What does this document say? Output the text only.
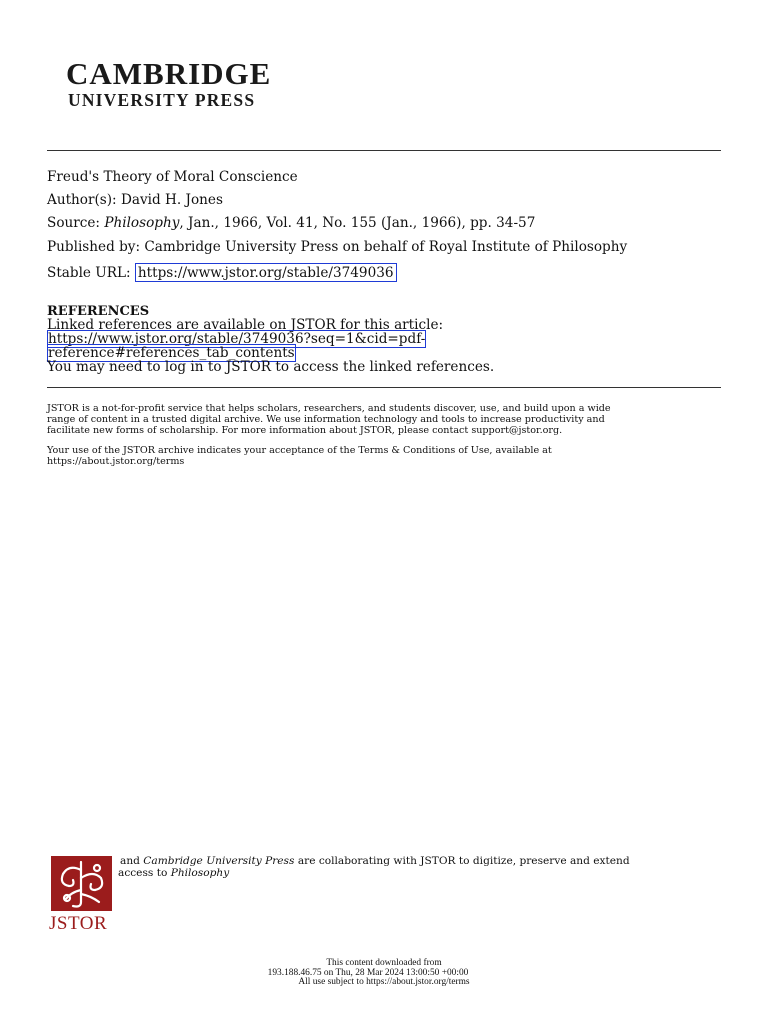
CAMBRIDGE
UNIVERSITY PRESS
Freud's Theory of Moral Conscience
Author(s): David H. Jones
Source: Philosophy, Jan., 1966, Vol. 41, No. 155 (Jan., 1966), pp. 34-57
Published by: Cambridge University Press on behalf of Royal Institute of Philosophy
Stable URL: https://www.jstor.org/stable/3749036
REFERENCES
Linked references are available on JSTOR for this article:
https://www.jstor.org/stable/3749036?seq=1&cid=pdf-
reference#references_tab_contents
You may need to log in to JSTOR to access the linked references.
JSTOR is a not-for-profit service that helps scholars, researchers, and students discover, use, and build upon a wide
range of content in a trusted digital archive. We use information technology and tools to increase productivity and
facilitate new forms of scholarship. For more information about JSTOR, please contact support@jstor.org.
Your use of the JSTOR archive indicates your acceptance of the Terms & Conditions of Use, available at
https://about.jstor.org/terms
JSTOR
and Cambridge University Press are collaborating with JSTOR to digitize, preserve and extend
access to Philosophy
This content downloaded from
193.188.46.75 on Thu, 28 Mar 2024 13:00:50 +00:00
All use subject to https://about.jstor.org/terms
